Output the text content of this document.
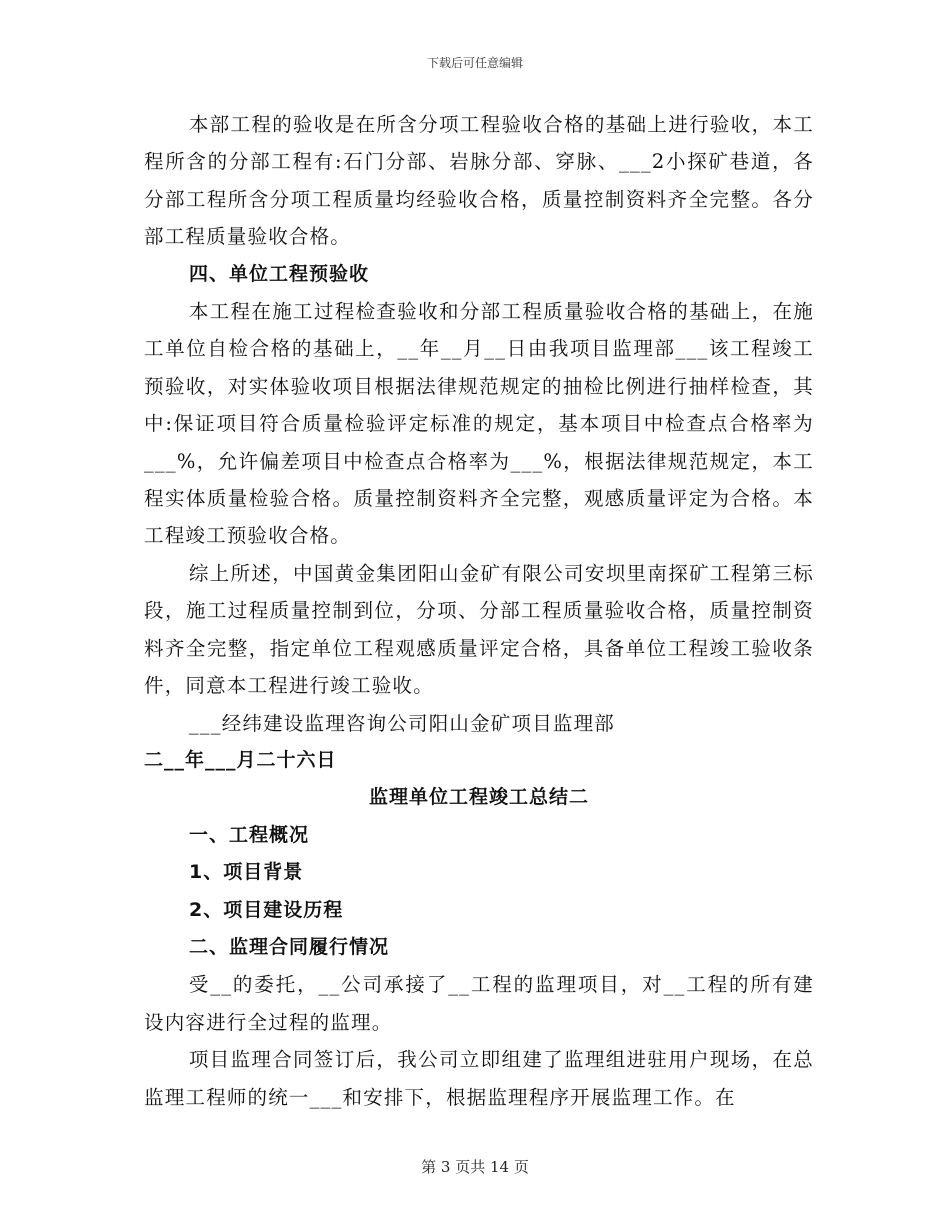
下载后可任意编辑

本部工程的验收是在所含分项工程验收合格的基础上进行验收，本工程所含的分部工程有:石门分部、岩脉分部、穿脉、___2小探矿巷道，各分部工程所含分项工程质量均经验收合格，质量控制资料齐全完整。各分部工程质量验收合格。

四、单位工程预验收

本工程在施工过程检查验收和分部工程质量验收合格的基础上，在施工单位自检合格的基础上，__年__月__日由我项目监理部___该工程竣工预验收，对实体验收项目根据法律规范规定的抽检比例进行抽样检查，其中:保证项目符合质量检验评定标准的规定，基本项目中检查点合格率为___%，允许偏差项目中检查点合格率为___%，根据法律规范规定，本工程实体质量检验合格。质量控制资料齐全完整，观感质量评定为合格。本工程竣工预验收合格。

综上所述，中国黄金集团阳山金矿有限公司安坝里南探矿工程第三标段，施工过程质量控制到位，分项、分部工程质量验收合格，质量控制资料齐全完整，指定单位工程观感质量评定合格，具备单位工程竣工验收条件，同意本工程进行竣工验收。

___经纬建设监理咨询公司阳山金矿项目监理部

二__年___月二十六日

监理单位工程竣工总结二

一、工程概况

1、项目背景

2、项目建设历程

二、监理合同履行情况

受__的委托，__公司承接了__工程的监理项目，对__工程的所有建设内容进行全过程的监理。

项目监理合同签订后，我公司立即组建了监理组进驻用户现场，在总监理工程师的统一___和安排下，根据监理程序开展监理工作。在

第 3 页共 14 页
